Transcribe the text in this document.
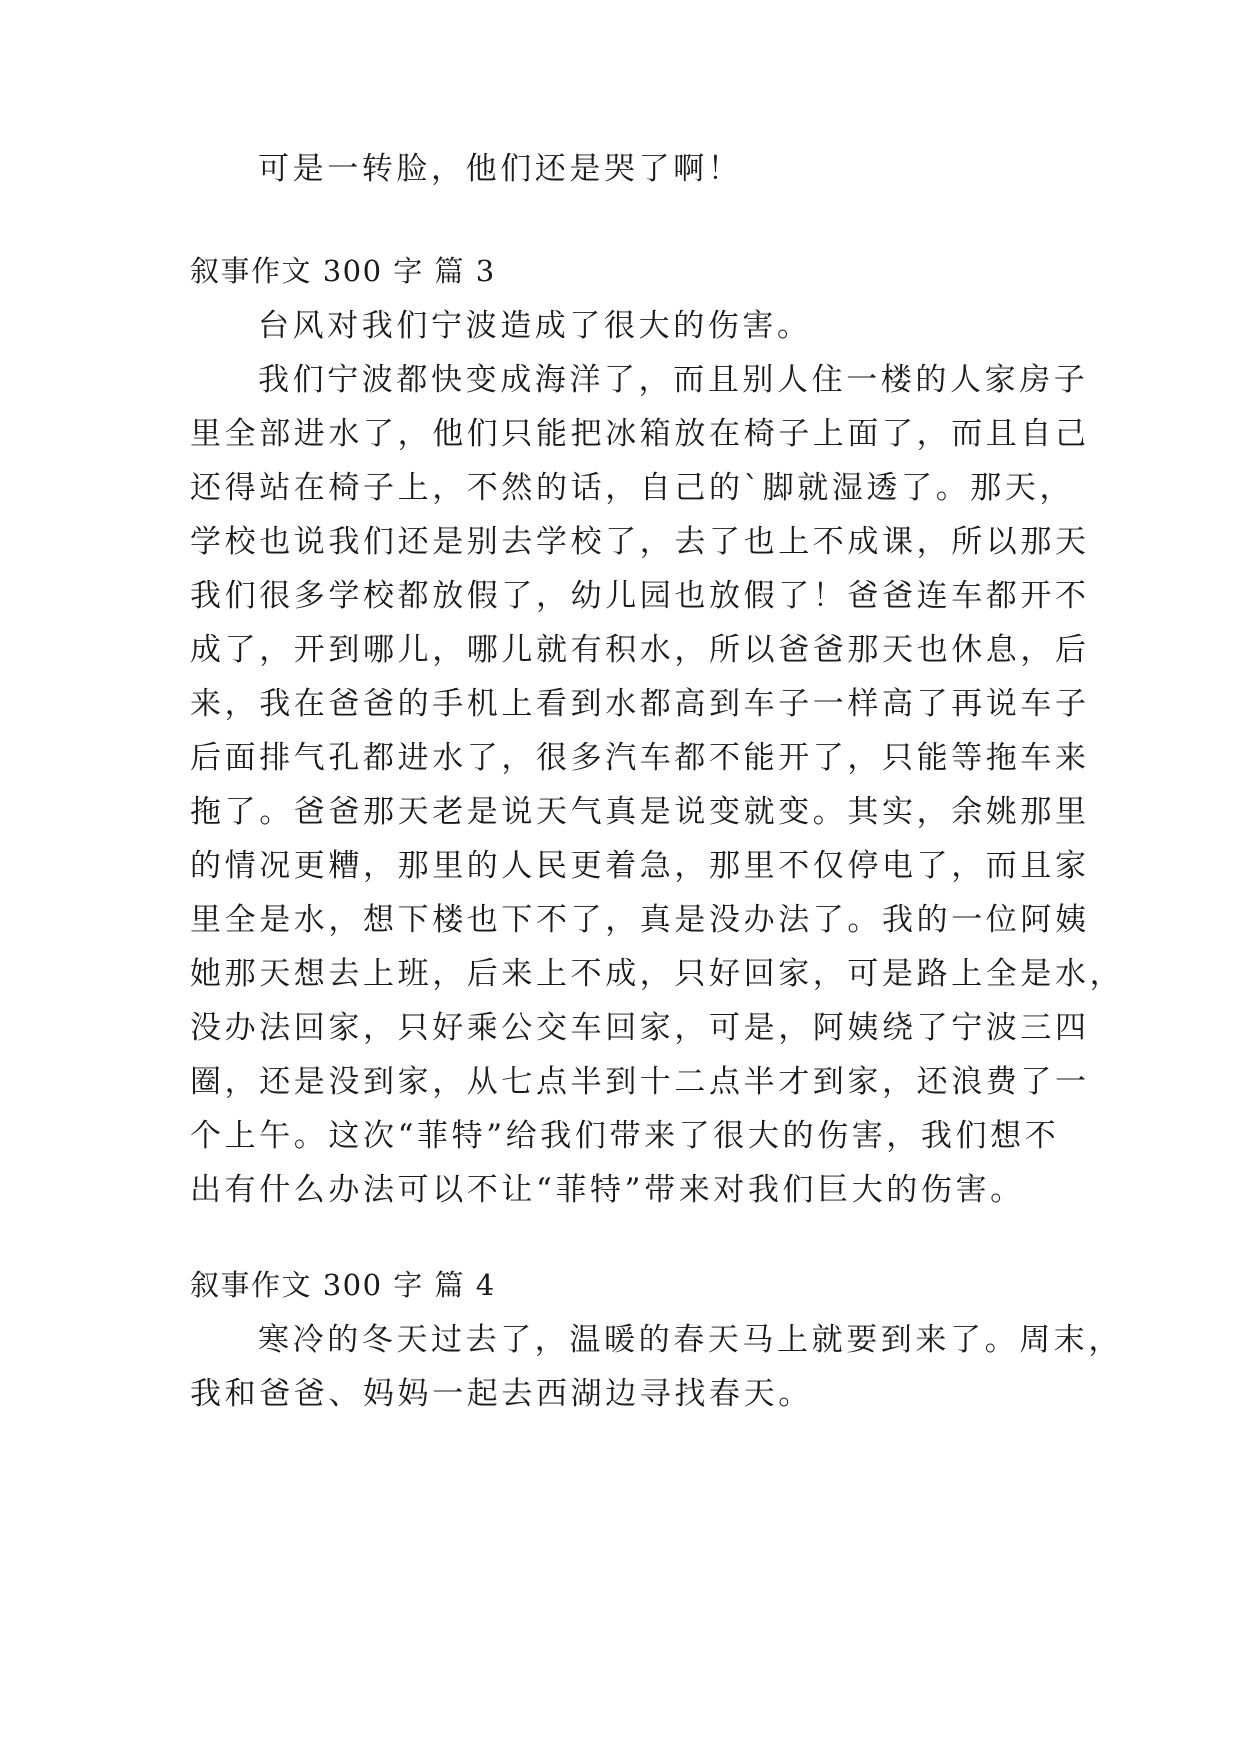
可是一转脸，他们还是哭了啊！
叙事作文 300 字 篇 3
台风对我们宁波造成了很大的伤害。
我们宁波都快变成海洋了，而且别人住一楼的人家房子
里全部进水了，他们只能把冰箱放在椅子上面了，而且自己
还得站在椅子上，不然的话，自己的`脚就湿透了。那天，
学校也说我们还是别去学校了，去了也上不成课，所以那天
我们很多学校都放假了，幼儿园也放假了！爸爸连车都开不
成了，开到哪儿，哪儿就有积水，所以爸爸那天也休息，后
来，我在爸爸的手机上看到水都高到车子一样高了再说车子
后面排气孔都进水了，很多汽车都不能开了，只能等拖车来
拖了。爸爸那天老是说天气真是说变就变。其实，余姚那里
的情况更糟，那里的人民更着急，那里不仅停电了，而且家
里全是水，想下楼也下不了，真是没办法了。我的一位阿姨
她那天想去上班，后来上不成，只好回家，可是路上全是水，
没办法回家，只好乘公交车回家，可是，阿姨绕了宁波三四
圈，还是没到家，从七点半到十二点半才到家，还浪费了一
个上午。这次“菲特”给我们带来了很大的伤害，我们想不
出有什么办法可以不让“菲特”带来对我们巨大的伤害。
叙事作文 300 字 篇 4
寒冷的冬天过去了，温暖的春天马上就要到来了。周末，
我和爸爸、妈妈一起去西湖边寻找春天。
